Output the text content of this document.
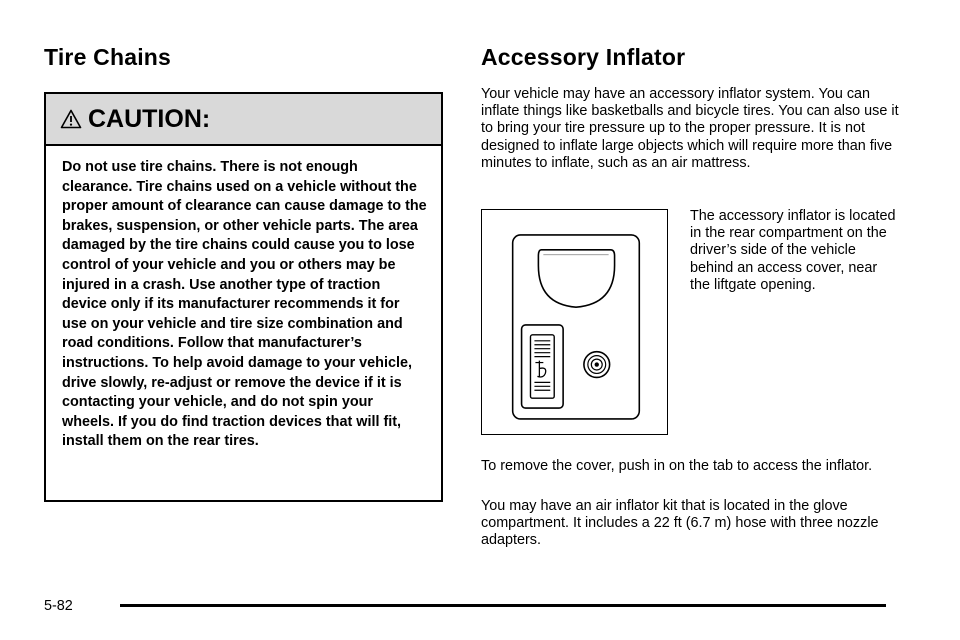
Tire Chains
CAUTION:

Do not use tire chains. There is not enough clearance. Tire chains used on a vehicle without the proper amount of clearance can cause damage to the brakes, suspension, or other vehicle parts. The area damaged by the tire chains could cause you to lose control of your vehicle and you or others may be injured in a crash. Use another type of traction device only if its manufacturer recommends it for use on your vehicle and tire size combination and road conditions. Follow that manufacturer’s instructions. To help avoid damage to your vehicle, drive slowly, re-adjust or remove the device if it is contacting your vehicle, and do not spin your wheels. If you do find traction devices that will fit, install them on the rear tires.

Accessory Inflator

Your vehicle may have an accessory inflator system. You can inflate things like basketballs and bicycle tires. You can also use it to bring your tire pressure up to the proper pressure. It is not designed to inflate large objects which will require more than five minutes to inflate, such as an air mattress.

The accessory inflator is located in the rear compartment on the driver’s side of the vehicle behind an access cover, near the liftgate opening.

To remove the cover, push in on the tab to access the inflator.

You may have an air inflator kit that is located in the glove compartment. It includes a 22 ft (6.7 m) hose with three nozzle adapters.

5-82
